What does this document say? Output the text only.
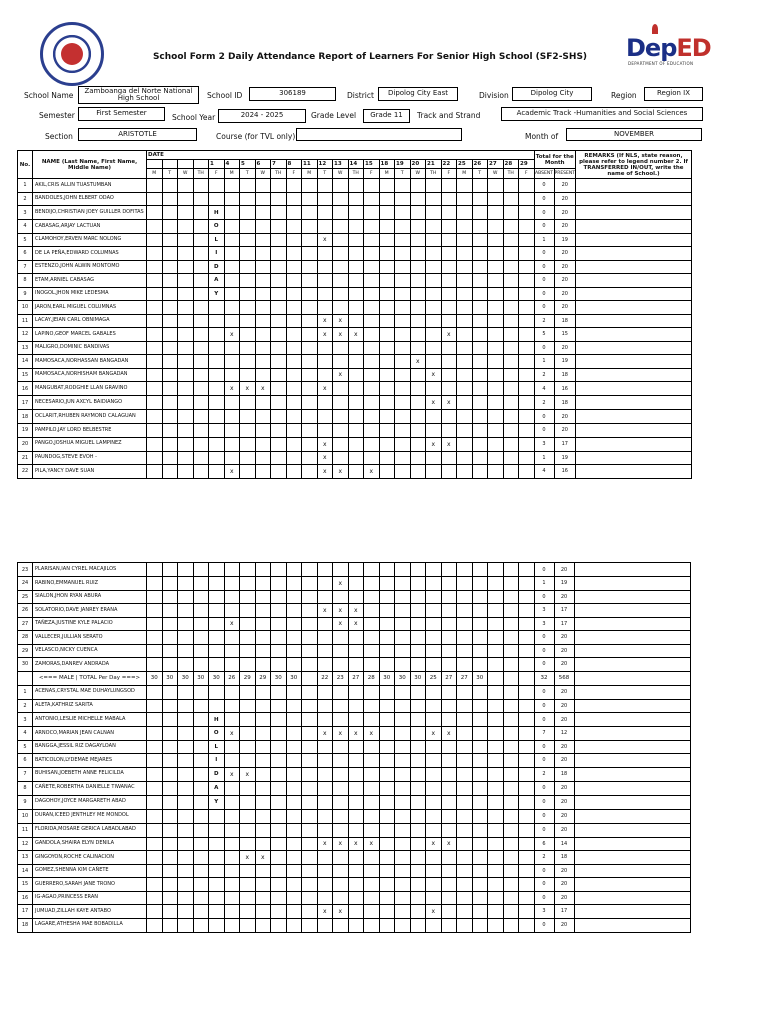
DepED
DEPARTMENT OF EDUCATION
School Form 2 Daily Attendance Report of Learners For Senior High School (SF2-SHS)
School Name
Zamboanga del Norte National High School	School ID	306189	District	Dipolog City East	Division	Dipolog City	Region	Region IX
Semester	First Semester	School Year	2024 - 2025	Grade Level	Grade 11	Track and Strand	Academic Track -Humanities and Social Sciences
Section	ARISTOTLE	Course (for TVL only)	Month of	NOVEMBER
No.	NAME (Last Name, First Name, Middle Name)	DATE																									Total for the Month		REMARKS (If NLS, state reason, please refer to legend number 2. If TRANSFERRED IN/OUT, write the name of School.)
						1	4	5	6	7	8	11	12	13	14	15	18	19	20	21	22	25	26	27	28	29			
		M	T	W	TH	F	M	T	W	TH	F	M	T	W	TH	F	M	T	W	TH	F	M	T	W	TH	F	ABSENT	PRESENT	
1	AKIL,CRIS ALLIN TUASTUMBAN																										0	20	
2	BANDOLES,JOHN ELBERT ODAO																										0	20	
3	BENDIJO,CHRISTIAN JOEY GUILLER DOFITAS					H																					0	20	
4	CABASAG,ARJAY LACTUAN					O																					0	20	
5	CLAMOHOY,ERVEN MARC NOLONG					L							x														1	19	
6	DE LA PEÑA,EDWARD COLUMNAS					I																					0	20	
7	ESTENZO,JOHN ALWIN MONTOMO					D																					0	20	
8	ETAM,ARNIEL CABASAG					A																					0	20	
9	INOGOL,JHON MIKE LEDESMA					Y																					0	20	
10	JARON,EARL MIGUEL COLUMNAS																										0	20	
11	LACAY,JEIAN CARL OBNIMAGA												x	x													2	18	
12	LAPINO,GEOF MARCEL GABALES						x						x	x	x						x						5	15	
13	MALIGRO,DOMINIC BANDIVAS																										0	20	
14	MAMOSACA,NORHASSAN BANGADAN																		x								1	19	
15	MAMOSACA,NORHISHAM BANGADAN													x						x							2	18	
16	MANGUBAT,RODGHIE LLAN GRAVINO						x	x	x				x														4	16	
17	NECESARIO,JUN AXCYL BAIDIANGO																			x	x						2	18	
18	OCLARIT,RHUBEN RAYMOND CALAGUAN																										0	20	
19	PAMPILO,JAY LORD BELBESTRE																										0	20	
20	PANGO,JOSHUA MIGUEL LAMPINEZ												x							x	x						3	17	
21	PAUNDOG,STEVE EVOH -												x														1	19	
22	PILA,YANCY DAVE SUAN						x						x	x		x											4	16	
23	PLARISAN,IAN CYREL MACAJILOS																										0	20	
24	RABINO,EMMANUEL RUIZ													x													1	19	
25	SIALON,JHON RYAN ABURA																										0	20	
26	SOLATORIO,DAVE JANREY ERANA												x	x	x												3	17	
27	TAÑEZA,JUSTINE KYLE PALACIO						x							x	x												3	17	
28	VALLECER,JULLIAN SERATO																										0	20	
29	VELASCO,NICKY CUENCA																										0	20	
30	ZAMORAS,DANREV ANDRADA																										0	20	
	<=== MALE | TOTAL Per Day ===>	30	30	30	30	30	26	29	29	30	30		22	23	27	28	30	30	30	25	27	27	30				32	568	
1	ACENAS,CRYSTAL MAE DUHAYLUNGSOD																										0	20	
2	ALETA,KATHRIZ SARITA																										0	20	
3	ANTONIO,LESLIE MICHELLE MABALA					H																					0	20	
4	ARNOCO,MARIAN JEAN CALNAN					O	x						x	x	x	x				x	x						7	12	
5	BANGGA,JESSIL RIZ DAGAYLOAN					L																					0	20	
6	BATICOLON,LYDEMAE MEJARES					I																					0	20	
7	BUHISAN,JOEBETH ANNE FELICILDA					D	x	x																			2	18	
8	CAÑETE,ROBERTHA DANIELLE TIWANAC					A																					0	20	
9	DAGOHOY,JOYCE MARGARETH ABAD					Y																					0	20	
10	DURAN,ICEED JENTHLEY ME MONDOL																										0	20	
11	FLORIDA,MOSARE GERICA LABADLABAD																										0	20	
12	GANDOLA,SHAIRA ELYN DENILA												x	x	x	x				x	x						6	14	
13	GINGOYON,ROCHE CALINACION							x	x																		2	18	
14	GOMEZ,SHENNA KIM CAÑETE																										0	20	
15	GUERRERO,SARAH JANE TRONO																										0	20	
16	IG-AGAO,PRINCESS ERAN																										0	20	
17	JUMUAD,ZILLAH KAYE ANTABO												x	x						x							3	17	
18	LAGARE,ATHESHA MAE BOBADILLA																										0	20	
